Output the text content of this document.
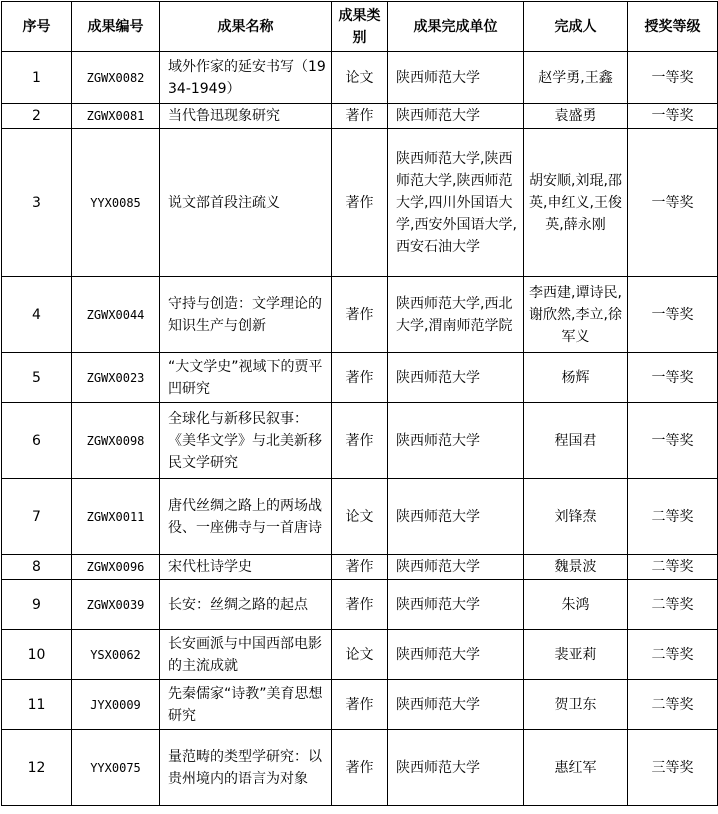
序号	成果编号	成果名称	成果类别	成果完成单位	完成人	授奖等级
1	ZGWX0082	域外作家的延安书写（1934-1949）	论文	陕西师范大学	赵学勇,王鑫	一等奖
2	ZGWX0081	当代鲁迅现象研究	著作	陕西师范大学	袁盛勇	一等奖
3	YYX0085	说文部首段注疏义	著作	陕西师范大学,陕西师范大学,陕西师范大学,四川外国语大学,西安外国语大学,西安石油大学	胡安顺,刘琨,邵英,申红义,王俊英,薛永刚	一等奖
4	ZGWX0044	守持与创造：文学理论的知识生产与创新	著作	陕西师范大学,西北大学,渭南师范学院	李西建,谭诗民,谢欣然,李立,徐军义	一等奖
5	ZGWX0023	“大文学史”视域下的贾平凹研究	著作	陕西师范大学	杨辉	一等奖
6	ZGWX0098	全球化与新移民叙事：《美华文学》与北美新移民文学研究	著作	陕西师范大学	程国君	一等奖
7	ZGWX0011	唐代丝绸之路上的两场战役、一座佛寺与一首唐诗	论文	陕西师范大学	刘锋焘	二等奖
8	ZGWX0096	宋代杜诗学史	著作	陕西师范大学	魏景波	二等奖
9	ZGWX0039	长安：丝绸之路的起点	著作	陕西师范大学	朱鸿	二等奖
10	YSX0062	长安画派与中国西部电影的主流成就	论文	陕西师范大学	裴亚莉	二等奖
11	JYX0009	先秦儒家“诗教”美育思想研究	著作	陕西师范大学	贺卫东	二等奖
12	YYX0075	量范畴的类型学研究：以贵州境内的语言为对象	著作	陕西师范大学	惠红军	三等奖
